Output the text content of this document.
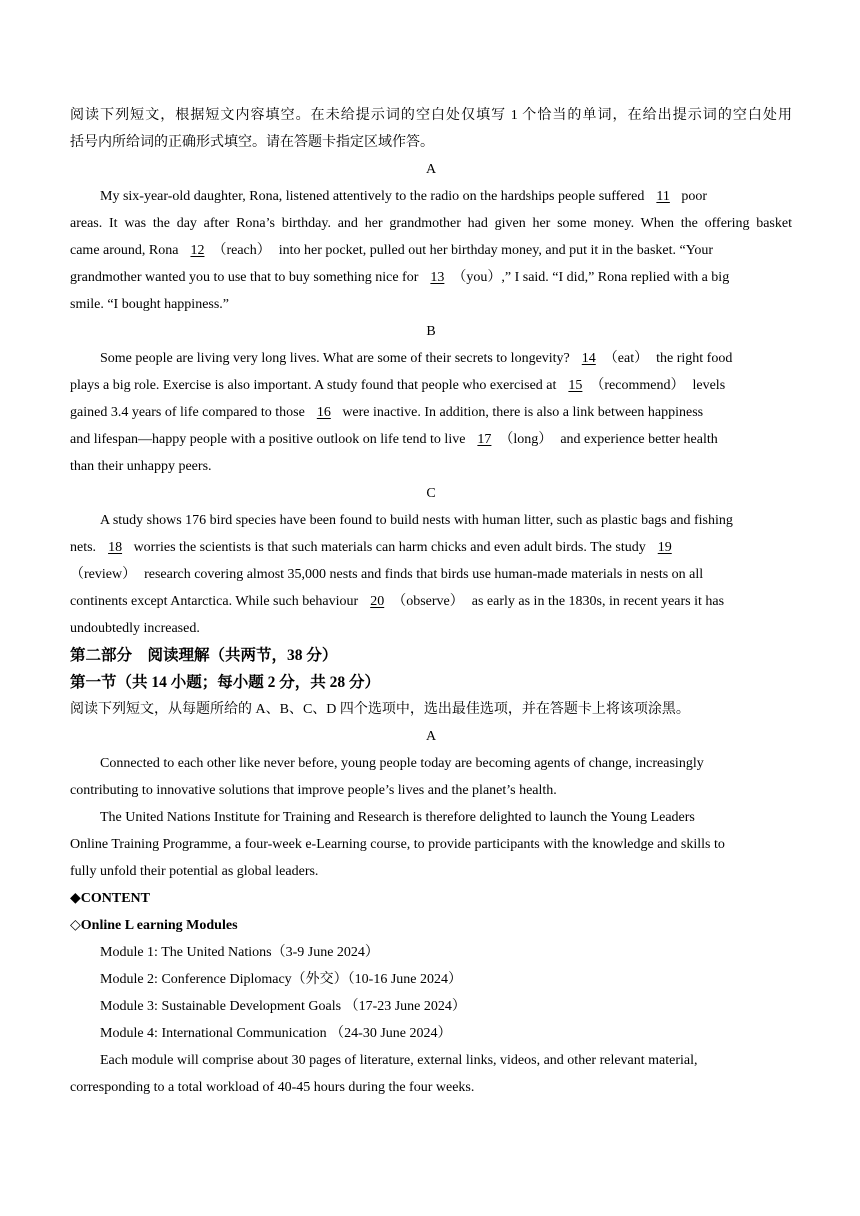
阅读下列短文，根据短文内容填空。在未给提示词的空白处仅填写 1 个恰当的单词，在给出提示词的空白处用
括号内所给词的正确形式填空。请在答题卡指定区域作答。
A
My six-year-old daughter, Rona, listened attentively to the radio on the hardships people suffered 11 poor
areas. It was the day after Rona’s birthday. and her grandmother had given her some money. When the offering basket
came around, Rona 12 （reach） into her pocket, pulled out her birthday money, and put it in the basket. “Your
grandmother wanted you to use that to buy something nice for 13 （you）,” I said. “I did,” Rona replied with a big
smile. “I bought happiness.”
B
Some people are living very long lives. What are some of their secrets to longevity? 14 （eat） the right food
plays a big role. Exercise is also important. A study found that people who exercised at 15 （recommend） levels
gained 3.4 years of life compared to those 16 were inactive. In addition, there is also a link between happiness
and lifespan—happy people with a positive outlook on life tend to live 17 （long） and experience better health
than their unhappy peers.
C
A study shows 176 bird species have been found to build nests with human litter, such as plastic bags and fishing
nets. 18 worries the scientists is that such materials can harm chicks and even adult birds. The study 19
（review） research covering almost 35,000 nests and finds that birds use human-made materials in nests on all
continents except Antarctica. While such behaviour 20 （observe） as early as in the 1830s, in recent years it has
undoubtedly increased.
第二部分　阅读理解（共两节，38 分）
第一节（共 14 小题；每小题 2 分，共 28 分）
阅读下列短文，从每题所给的 A、B、C、D 四个选项中，选出最佳选项，并在答题卡上将该项涂黑。
A
Connected to each other like never before, young people today are becoming agents of change, increasingly
contributing to innovative solutions that improve people’s lives and the planet’s health.
The United Nations Institute for Training and Research is therefore delighted to launch the Young Leaders
Online Training Programme, a four-week e-Learning course, to provide participants with the knowledge and skills to
fully unfold their potential as global leaders.
◆CONTENT
◇Online L earning Modules
Module 1: The United Nations（3-9 June 2024）
Module 2: Conference Diplomacy（外交）（10-16 June 2024）
Module 3: Sustainable Development Goals （17-23 June 2024）
Module 4: International Communication （24-30 June 2024）
Each module will comprise about 30 pages of literature, external links, videos, and other relevant material,
corresponding to a total workload of 40-45 hours during the four weeks.
